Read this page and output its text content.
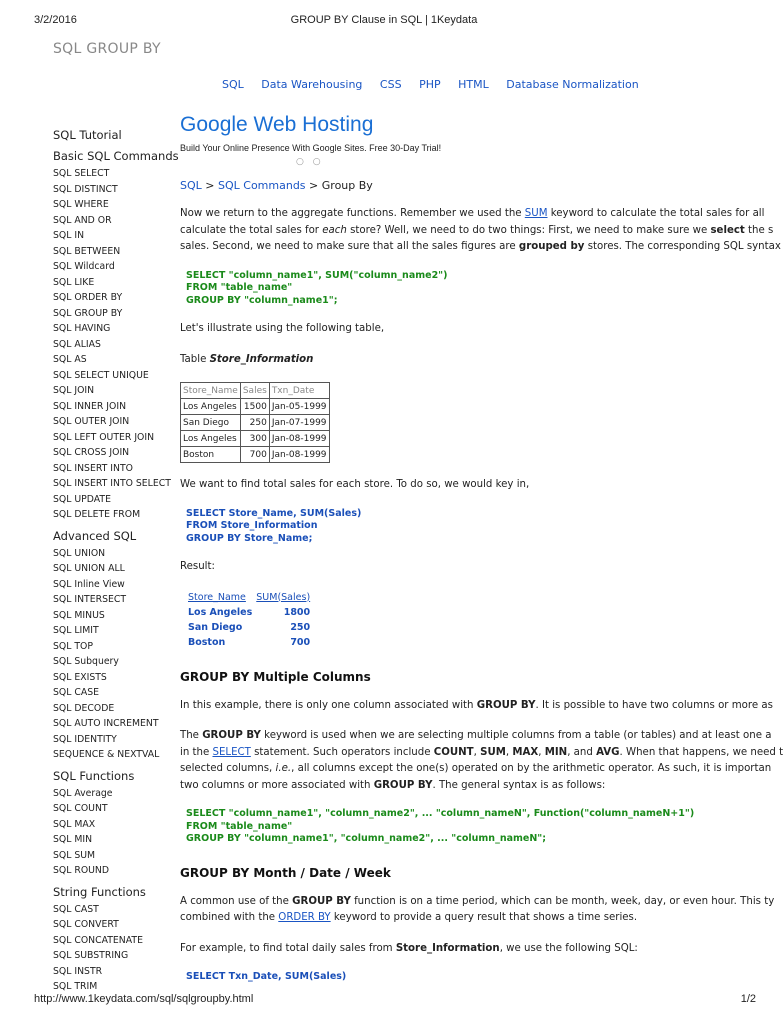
3/2/2016	GROUP BY Clause in SQL | 1Keydata
SQL GROUP BY
SQL Data Warehousing CSS PHP HTML Database Normalization
SQL Tutorial
Basic SQL Commands
SQL SELECT
SQL DISTINCT
SQL WHERE
SQL AND OR
SQL IN
SQL BETWEEN
SQL Wildcard
SQL LIKE
SQL ORDER BY
SQL GROUP BY
SQL HAVING
SQL ALIAS
SQL AS
SQL SELECT UNIQUE
SQL JOIN
SQL INNER JOIN
SQL OUTER JOIN
SQL LEFT OUTER JOIN
SQL CROSS JOIN
SQL INSERT INTO
SQL INSERT INTO SELECT
SQL UPDATE
SQL DELETE FROM
Advanced SQL
SQL UNION
SQL UNION ALL
SQL Inline View
SQL INTERSECT
SQL MINUS
SQL LIMIT
SQL TOP
SQL Subquery
SQL EXISTS
SQL CASE
SQL DECODE
SQL AUTO INCREMENT
SQL IDENTITY
SEQUENCE & NEXTVAL
SQL Functions
SQL Average
SQL COUNT
SQL MAX
SQL MIN
SQL SUM
SQL ROUND
String Functions
SQL CAST
SQL CONVERT
SQL CONCATENATE
SQL SUBSTRING
SQL INSTR
SQL TRIM
Google Web Hosting
Build Your Online Presence With Google Sites. Free 30-Day Trial!
○ ○
SQL > SQL Commands > Group By

Now we return to the aggregate functions. Remember we used the SUM keyword to calculate the total sales for all
calculate the total sales for each store? Well, we need to do two things: First, we need to make sure we select the s
sales. Second, we need to make sure that all the sales figures are grouped by stores. The corresponding SQL syntax

SELECT "column_name1", SUM("column_name2")
FROM "table_name"
GROUP BY "column_name1";

Let's illustrate using the following table,

Table Store_Information

Store_Name	Sales	Txn_Date
Los Angeles	1500	Jan-05-1999
San Diego	250	Jan-07-1999
Los Angeles	300	Jan-08-1999
Boston	700	Jan-08-1999

We want to find total sales for each store. To do so, we would key in,

SELECT Store_Name, SUM(Sales)
FROM Store_Information
GROUP BY Store_Name;

Result:

Store_Name	SUM(Sales)
Los Angeles	1800
San Diego	250
Boston	700
GROUP BY Multiple Columns

In this example, there is only one column associated with GROUP BY. It is possible to have two columns or more as

The GROUP BY keyword is used when we are selecting multiple columns from a table (or tables) and at least one a
in the SELECT statement. Such operators include COUNT, SUM, MAX, MIN, and AVG. When that happens, we need t
selected columns, i.e., all columns except the one(s) operated on by the arithmetic operator. As such, it is importan
two columns or more associated with GROUP BY. The general syntax is as follows:

SELECT "column_name1", "column_name2", ... "column_nameN", Function("column_nameN+1")
FROM "table_name"
GROUP BY "column_name1", "column_name2", ... "column_nameN";
GROUP BY Month / Date / Week

A common use of the GROUP BY function is on a time period, which can be month, week, day, or even hour. This ty
combined with the ORDER BY keyword to provide a query result that shows a time series.

For example, to find total daily sales from Store_Information, we use the following SQL:

SELECT Txn_Date, SUM(Sales)
http://www.1keydata.com/sql/sqlgroupby.html	1/2
